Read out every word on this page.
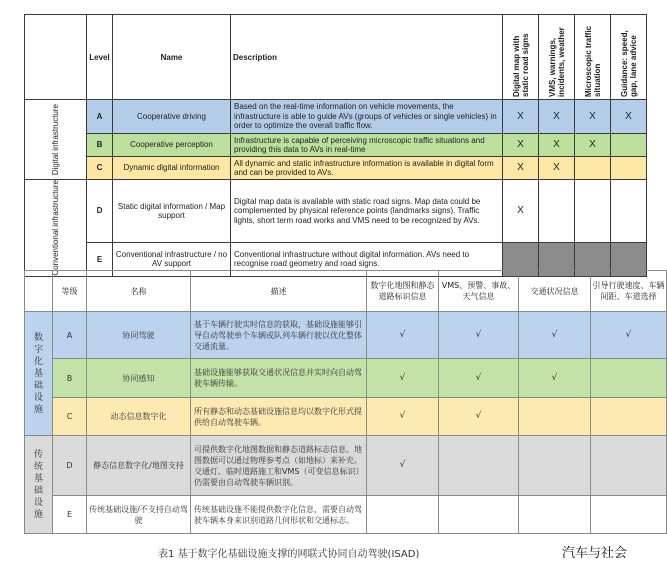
	Level	Name	Description	Digital map with static road signs	VMS, warnings, incidents, weather	Microscopic traffic situation	Guidance: speed, gap, lane advice

Digital infrastructure	A	Cooperative driving	Based on the real-time information on vehicle movements, the infrastructure is able to guide AVs (groups of vehicles or single vehicles) in order to optimize the overall traffic flow.	X	X	X	X
	B	Cooperative perception	Infrastructure is capable of perceiving microscopic traffic situations and providing this data to AVs in real-time	X	X	X	
	C	Dynamic digital information	All dynamic and static infrastructure information is available in digital form and can be provided to AVs.	X	X		

Conventional infrastructure	D	Static digital information / Map support	Digital map data is available with static road signs. Map data could be complemented by physical reference points (landmarks signs). Traffic lights, short term road works and VMS need to be recognized by AVs.	X			
	E	Conventional infrastructure / no AV support	Conventional infrastructure without digital information. AVs need to recognise road geometry and road signs.				
	等级	名称	描述	数字化地图和静态道路标识信息	VMS、预警、事故、天气信息	交通状况信息	引导行驶速度、车辆间距、车道选择

数字化基础设施	A	协同驾驶	基于车辆行驶实时信息的获取，基础设施能够引导自动驾驶单个车辆或队列车辆行驶以优化整体交通流量。	√	√	√	√
	B	协同感知	基础设施能够获取交通状况信息并实时向自动驾驶车辆传输。	√	√	√	
	C	动态信息数字化	所有静态和动态基础设施信息均以数字化形式提供给自动驾驶车辆。	√	√		

传统基础设施	D	静态信息数字化/地图支持	可提供数字化地图数据和静态道路标志信息。地图数据可以通过物理参考点（如地标）来补充。交通灯、临时道路施工和VMS（可变信息标识）仍需要由自动驾驶车辆识别。	√			
	E	传统基础设施/不支持自动驾驶	传统基础设施不能提供数字化信息，需要自动驾驶车辆本身来识别道路几何形状和交通标志。				
表1 基于数字化基础设施支撑的网联式协同自动驾驶(ISAD)	汽车与社会
